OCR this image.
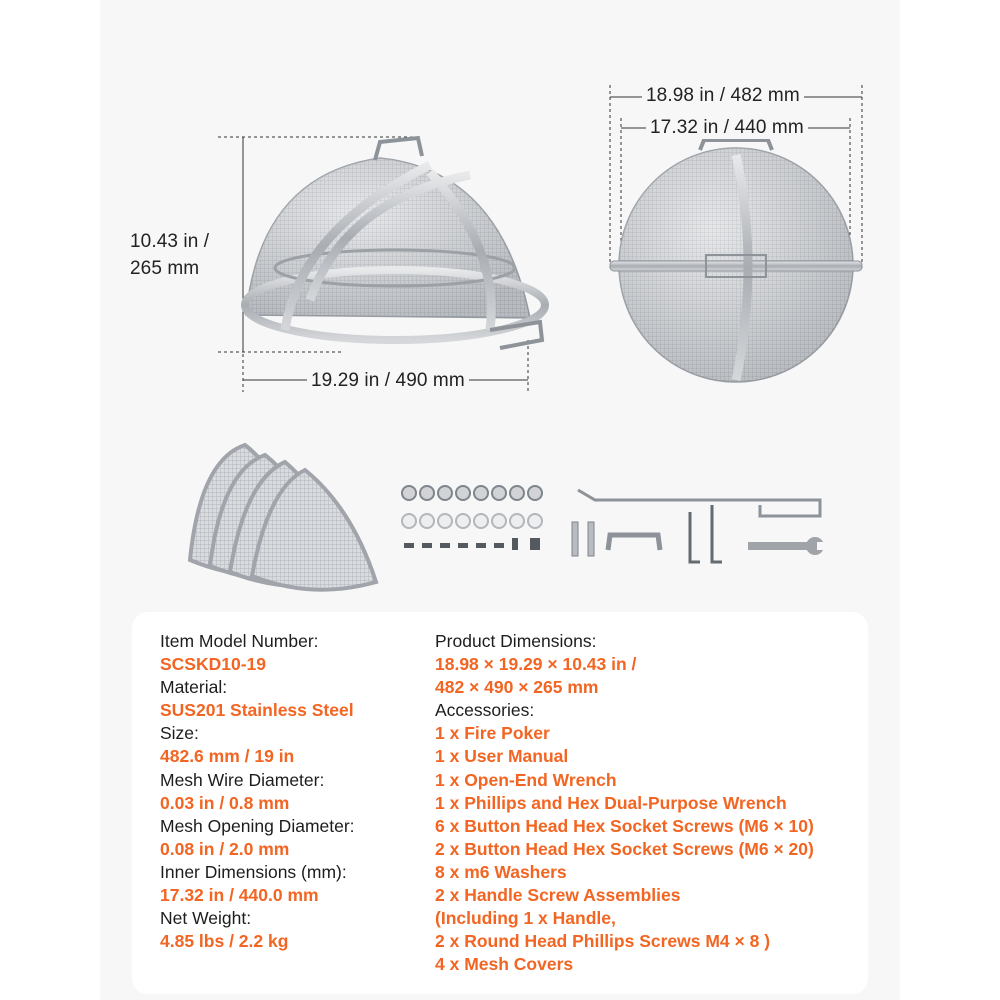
10.43 in /
265 mm
19.29 in / 490 mm
18.98 in / 482 mm
17.32 in / 440 mm
Item Model Number:
SCSKD10-19
Material:
SUS201 Stainless Steel
Size:
482.6 mm / 19 in
Mesh Wire Diameter:
0.03 in / 0.8 mm
Mesh Opening Diameter:
0.08 in / 2.0 mm
Inner Dimensions (mm):
17.32 in / 440.0 mm
Net Weight:
4.85 lbs / 2.2 kg
Product Dimensions:
18.98 × 19.29 × 10.43 in /
482 × 490 × 265 mm
Accessories:
1 x Fire Poker
1 x User Manual
1 x Open-End Wrench
1 x Phillips and Hex Dual-Purpose Wrench
6 x Button Head Hex Socket Screws (M6 × 10)
2 x Button Head Hex Socket Screws (M6 × 20)
8 x m6 Washers
2 x Handle Screw Assemblies
(Including 1 x Handle,
2 x Round Head Phillips Screws M4 × 8 )
4 x Mesh Covers
